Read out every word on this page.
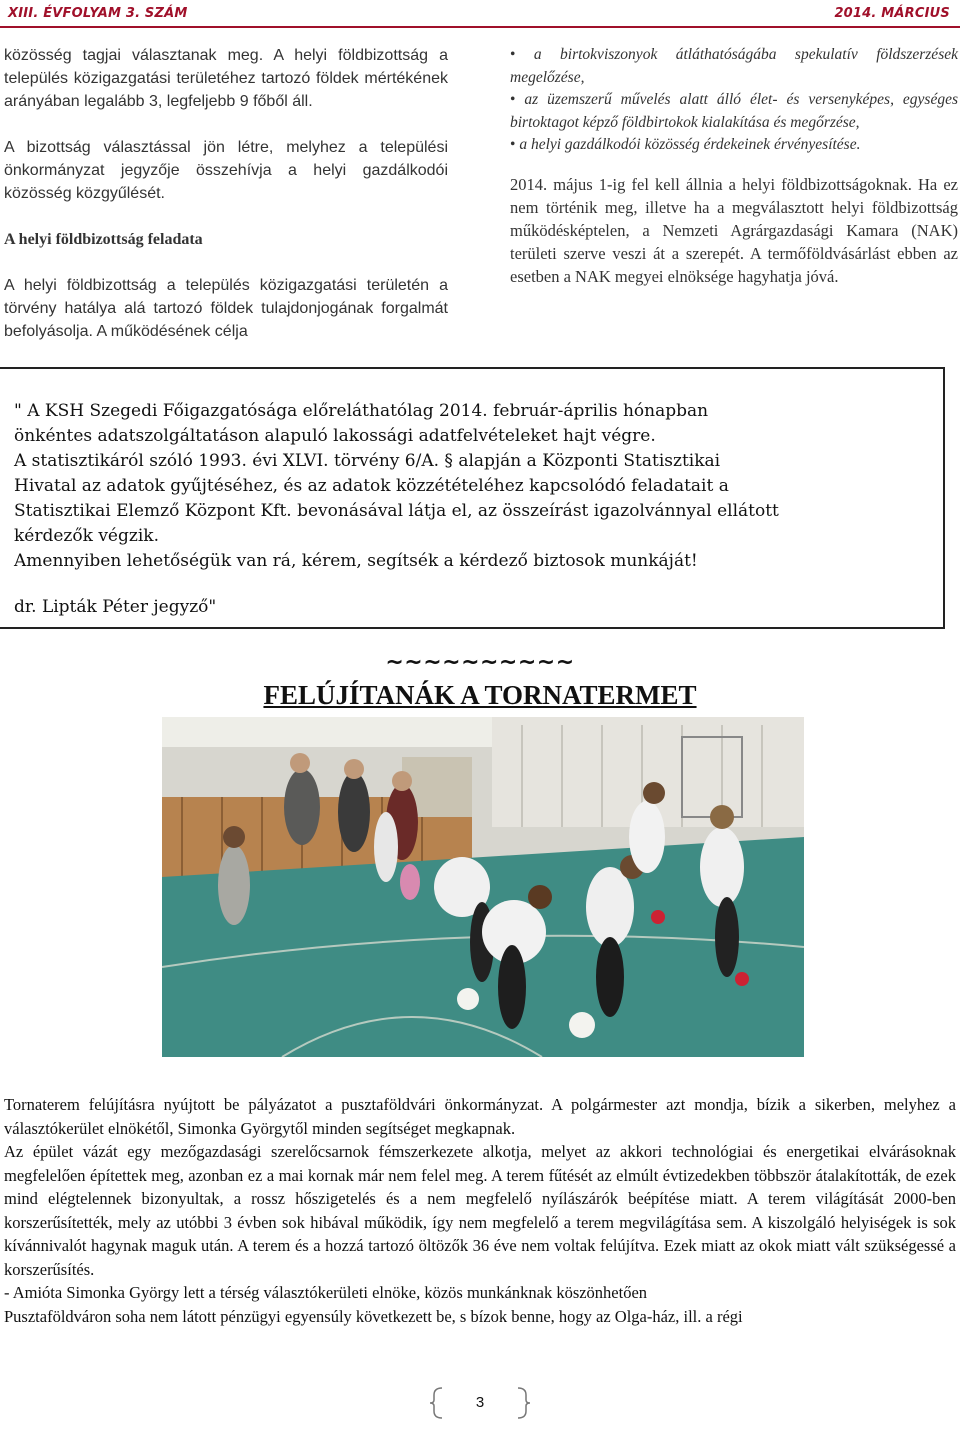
XIII. ÉVFOLYAM 3. SZÁM	2014. MÁRCIUS

közösség tagjai választanak meg. A helyi földbizottság a település közigazgatási területéhez tartozó földek mértékének arányában legalább 3, legfeljebb 9 főből áll.

A bizottság választással jön létre, melyhez a települési önkormányzat jegyzője összehívja a helyi gazdálkodói közösség közgyűlését.

A helyi földbizottság feladata

A helyi földbizottság a település közigazgatási területén a törvény hatálya alá tartozó földek tulajdonjogának forgalmát befolyásolja. A működésének célja

• a birtokviszonyok átláthatóságába spekulatív földszerzések megelőzése,
• az üzemszerű művelés alatt álló élet- és versenyképes, egységes birtoktagot képző földbirtokok kialakítása és megőrzése,
• a helyi gazdálkodói közösség érdekeinek érvényesítése.

2014. május 1-ig fel kell állnia a helyi földbizottságoknak. Ha ez nem történik meg, illetve ha a megválasztott helyi földbizottság működésképtelen, a Nemzeti Agrárgazdasági Kamara (NAK) területi szerve veszi át a szerepét. A termőföldvásárlást ebben az esetben a NAK megyei elnöksége hagyhatja jóvá.

" A KSH Szegedi Főigazgatósága előreláthatólag 2014. február-április hónapban
önkéntes adatszolgáltatáson alapuló lakossági adatfelvételeket hajt végre.
A statisztikáról szóló 1993. évi XLVI. törvény 6/A. § alapján a Központi Statisztikai
Hivatal az adatok gyűjtéséhez, és az adatok közzétételéhez kapcsolódó feladatait a
Statisztikai Elemző Központ Kft. bevonásával látja el, az összeírást igazolvánnyal ellátott
kérdezők végzik.
Amennyiben lehetőségük van rá, kérem, segítsék a kérdező biztosok munkáját!
dr. Lipták Péter jegyző"
~~~~~~~~~~
FELÚJÍTANÁK A TORNATERMET

Tornaterem felújításra nyújtott be pályázatot a pusztaföldvári önkormányzat. A polgármester azt mondja, bízik a sikerben, melyhez a választókerület elnökétől, Simonka Györgytől minden segítséget megkapnak.

Az épület vázát egy mezőgazdasági szerelőcsarnok fémszerkezete alkotja, melyet az akkori technológiai és energetikai elvárásoknak megfelelően építettek meg, azonban ez a mai kornak már nem felel meg. A terem fűtését az elmúlt évtizedekben többször átalakították, de ezek mind elégtelennek bizonyultak, a rossz hőszigetelés és a nem megfelelő nyílászárók beépítése miatt. A terem világítását 2000-ben korszerűsítették, mely az utóbbi 3 évben sok hibával működik, így nem megfelelő a terem megvilágítása sem. A kiszolgáló helyiségek is sok kívánnivalót hagynak maguk után. A terem és a hozzá tartozó öltözők 36 éve nem voltak felújítva. Ezek miatt az okok miatt vált szükségessé a korszerűsítés.

- Amióta Simonka György lett a térség választókerületi elnöke, közös munkánknak köszönhetően

Pusztaföldváron soha nem látott pénzügyi egyensúly következett be, s bízok benne, hogy az Olga-ház, ill. a régi

3
